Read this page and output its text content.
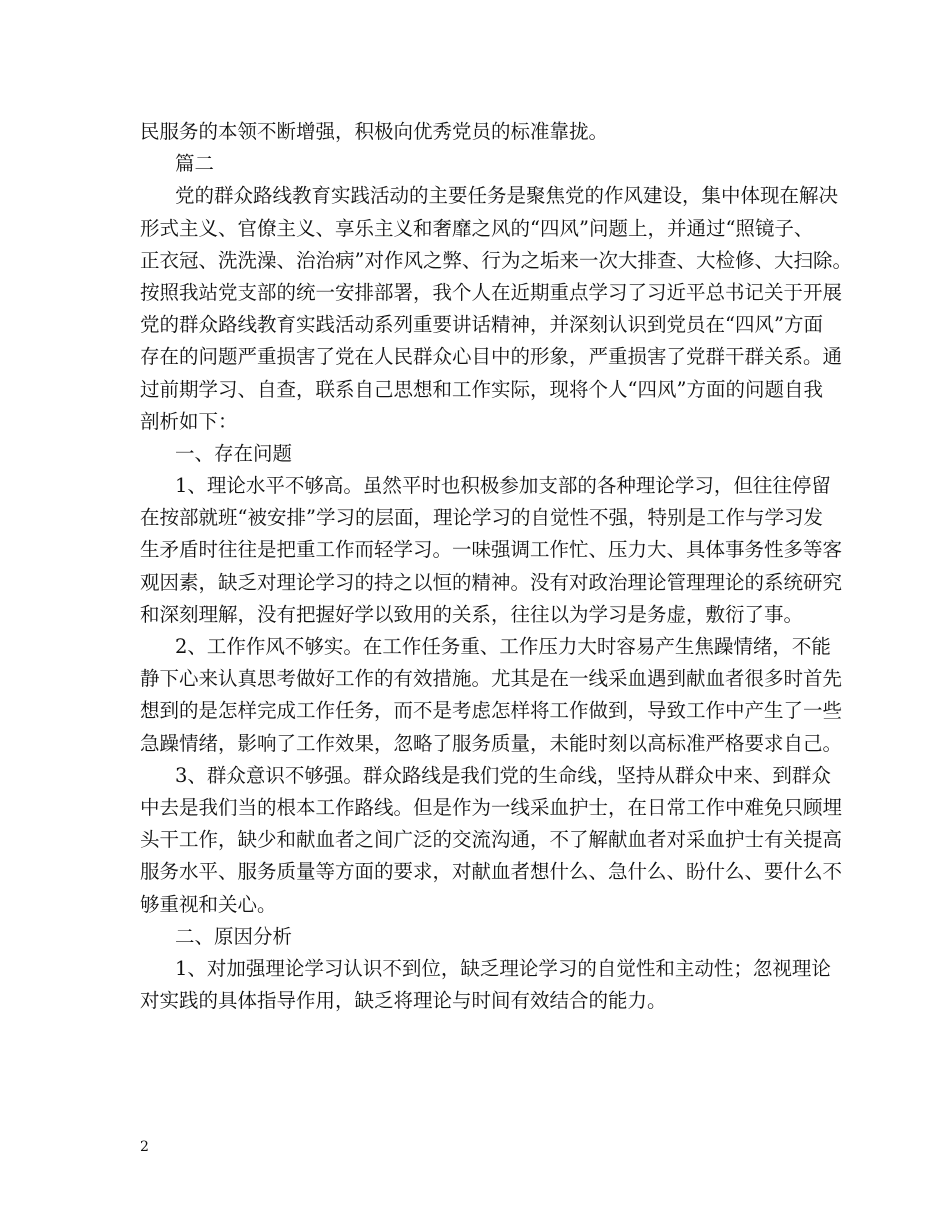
民服务的本领不断增强，积极向优秀党员的标准靠拢。
篇二
党的群众路线教育实践活动的主要任务是聚焦党的作风建设，集中体现在解决
形式主义、官僚主义、享乐主义和奢靡之风的“四风”问题上，并通过“照镜子、
正衣冠、洗洗澡、治治病”对作风之弊、行为之垢来一次大排查、大检修、大扫除。
按照我站党支部的统一安排部署，我个人在近期重点学习了习近平总书记关于开展
党的群众路线教育实践活动系列重要讲话精神，并深刻认识到党员在“四风”方面
存在的问题严重损害了党在人民群众心目中的形象，严重损害了党群干群关系。通
过前期学习、自查，联系自己思想和工作实际，现将个人“四风”方面的问题自我
剖析如下：
一、存在问题
1、理论水平不够高。虽然平时也积极参加支部的各种理论学习，但往往停留
在按部就班“被安排”学习的层面，理论学习的自觉性不强，特别是工作与学习发
生矛盾时往往是把重工作而轻学习。一味强调工作忙、压力大、具体事务性多等客
观因素，缺乏对理论学习的持之以恒的精神。没有对政治理论管理理论的系统研究
和深刻理解，没有把握好学以致用的关系，往往以为学习是务虚，敷衍了事。
2、工作作风不够实。在工作任务重、工作压力大时容易产生焦躁情绪，不能
静下心来认真思考做好工作的有效措施。尤其是在一线采血遇到献血者很多时首先
想到的是怎样完成工作任务，而不是考虑怎样将工作做到，导致工作中产生了一些
急躁情绪，影响了工作效果，忽略了服务质量，未能时刻以高标准严格要求自己。
3、群众意识不够强。群众路线是我们党的生命线，坚持从群众中来、到群众
中去是我们当的根本工作路线。但是作为一线采血护士，在日常工作中难免只顾埋
头干工作，缺少和献血者之间广泛的交流沟通，不了解献血者对采血护士有关提高
服务水平、服务质量等方面的要求，对献血者想什么、急什么、盼什么、要什么不
够重视和关心。
二、原因分析
1、对加强理论学习认识不到位，缺乏理论学习的自觉性和主动性；忽视理论
对实践的具体指导作用，缺乏将理论与时间有效结合的能力。
2
